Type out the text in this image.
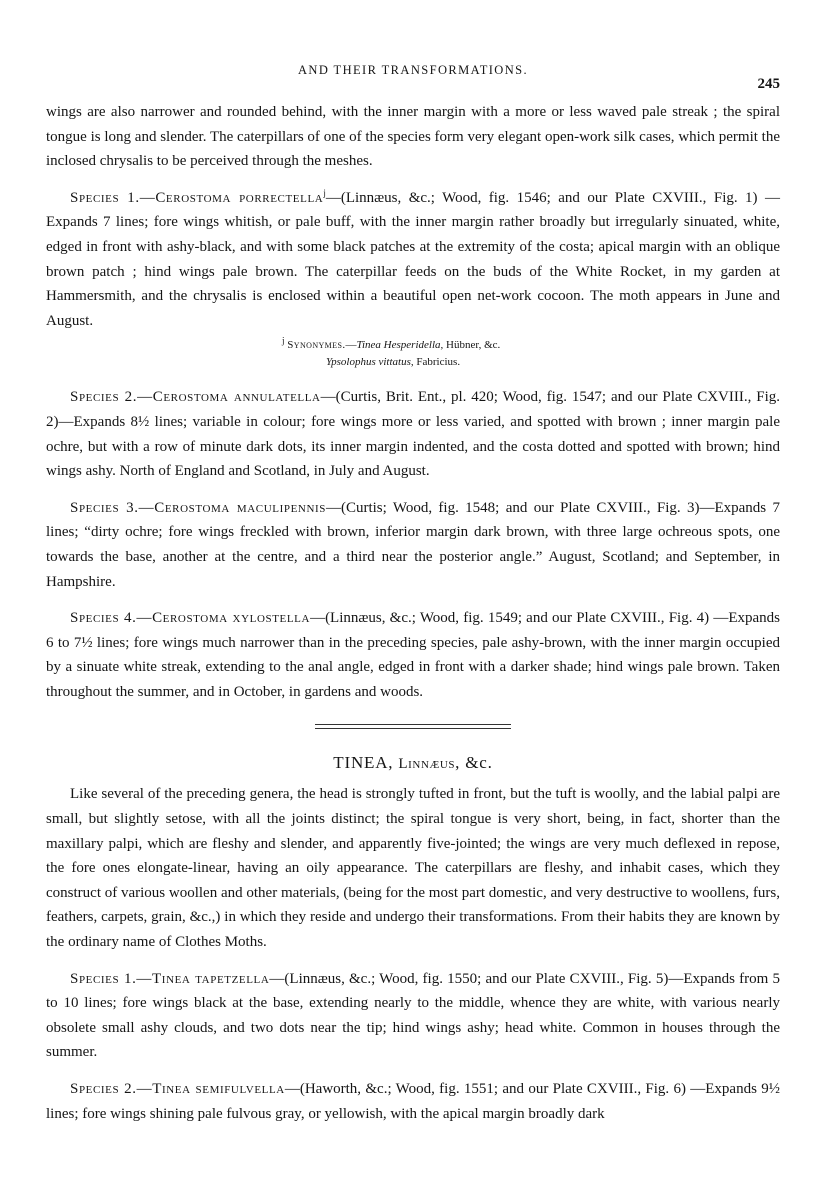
AND THEIR TRANSFORMATIONS.
245

wings are also narrower and rounded behind, with the inner margin with a more or less waved pale streak ; the spiral tongue is long and slender. The caterpillars of one of the species form very elegant open-work silk cases, which permit the inclosed chrysalis to be perceived through the meshes.

Species 1.—Cerostoma porrectella$^j$—(Linnæus, &c.; Wood, fig. 1546; and our Plate CXVIII., Fig. 1) —Expands 7 lines; fore wings whitish, or pale buff, with the inner margin rather broadly but irregularly sinuated, white, edged in front with ashy-black, and with some black patches at the extremity of the costa; apical margin with an oblique brown patch ; hind wings pale brown. The caterpillar feeds on the buds of the White Rocket, in my garden at Hammersmith, and the chrysalis is enclosed within a beautiful open net-work cocoon. The moth appears in June and August.

$^j$ Synonymes.—Tinea Hesperidella, Hübner, &c.
Ypsolophus vittatus, Fabricius.

Species 2.—Cerostoma annulatella—(Curtis, Brit. Ent., pl. 420; Wood, fig. 1547; and our Plate CXVIII., Fig. 2)—Expands 8½ lines; variable in colour; fore wings more or less varied, and spotted with brown ; inner margin pale ochre, but with a row of minute dark dots, its inner margin indented, and the costa dotted and spotted with brown; hind wings ashy. North of England and Scotland, in July and August.

Species 3.—Cerostoma maculipennis—(Curtis; Wood, fig. 1548; and our Plate CXVIII., Fig. 3)—Expands 7 lines; “dirty ochre; fore wings freckled with brown, inferior margin dark brown, with three large ochreous spots, one towards the base, another at the centre, and a third near the posterior angle.” August, Scotland; and September, in Hampshire.

Species 4.—Cerostoma xylostella—(Linnæus, &c.; Wood, fig. 1549; and our Plate CXVIII., Fig. 4) —Expands 6 to 7½ lines; fore wings much narrower than in the preceding species, pale ashy-brown, with the inner margin occupied by a sinuate white streak, extending to the anal angle, edged in front with a darker shade; hind wings pale brown. Taken throughout the summer, and in October, in gardens and woods.

TINEA, Linnæus, &c.

Like several of the preceding genera, the head is strongly tufted in front, but the tuft is woolly, and the labial palpi are small, but slightly setose, with all the joints distinct; the spiral tongue is very short, being, in fact, shorter than the maxillary palpi, which are fleshy and slender, and apparently five-jointed; the wings are very much deflexed in repose, the fore ones elongate-linear, having an oily appearance. The caterpillars are fleshy, and inhabit cases, which they construct of various woollen and other materials, (being for the most part domestic, and very destructive to woollens, furs, feathers, carpets, grain, &c.,) in which they reside and undergo their transformations. From their habits they are known by the ordinary name of Clothes Moths.

Species 1.—Tinea tapetzella—(Linnæus, &c.; Wood, fig. 1550; and our Plate CXVIII., Fig. 5)—Expands from 5 to 10 lines; fore wings black at the base, extending nearly to the middle, whence they are white, with various nearly obsolete small ashy clouds, and two dots near the tip; hind wings ashy; head white. Common in houses through the summer.

Species 2.—Tinea semifulvella—(Haworth, &c.; Wood, fig. 1551; and our Plate CXVIII., Fig. 6) —Expands 9½ lines; fore wings shining pale fulvous gray, or yellowish, with the apical margin broadly dark
